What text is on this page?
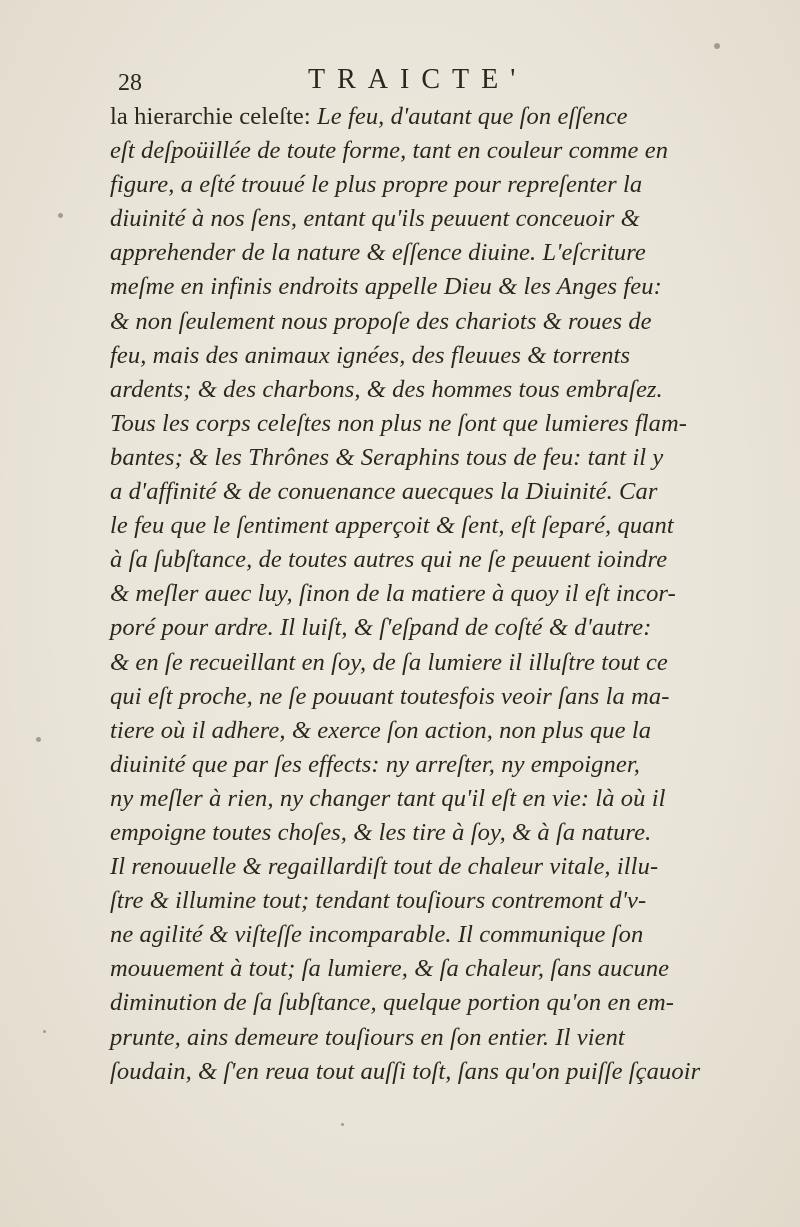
28	TRAICTE'
la hierarchie celeſte: Le feu, d'autant que ſon eſſence
eſt deſpoüillée de toute forme, tant en couleur comme en
figure, a eſté trouué le plus propre pour repreſenter la
diuinité à nos ſens, entant qu'ils peuuent conceuoir &
apprehender de la nature & eſſence diuine. L'eſcriture
meſme en infinis endroits appelle Dieu & les Anges feu:
& non ſeulement nous propoſe des chariots & roues de
feu, mais des animaux ignées, des fleuues & torrents
ardents; & des charbons, & des hommes tous embraſez.
Tous les corps celeſtes non plus ne ſont que lumieres flam-
bantes; & les Thrônes & Seraphins tous de feu: tant il y
a d'affinité & de conuenance auecques la Diuinité. Car
le feu que le ſentiment apperçoit & ſent, eſt ſeparé, quant
à ſa ſubſtance, de toutes autres qui ne ſe peuuent ioindre
& meſler auec luy, ſinon de la matiere à quoy il eſt incor-
poré pour ardre. Il luiſt, & ſ'eſpand de coſté & d'autre:
& en ſe recueillant en ſoy, de ſa lumiere il illuſtre tout ce
qui eſt proche, ne ſe pouuant toutesfois veoir ſans la ma-
tiere où il adhere, & exerce ſon action, non plus que la
diuinité que par ſes effects: ny arreſter, ny empoigner,
ny meſler à rien, ny changer tant qu'il eſt en vie: là où il
empoigne toutes choſes, & les tire à ſoy, & à ſa nature.
Il renouuelle & regaillardiſt tout de chaleur vitale, illu-
ſtre & illumine tout; tendant touſiours contremont d'v-
ne agilité & viſteſſe incomparable. Il communique ſon
mouuement à tout; ſa lumiere, & ſa chaleur, ſans aucune
diminution de ſa ſubſtance, quelque portion qu'on en em-
prunte, ains demeure touſiours en ſon entier. Il vient
ſoudain, & ſ'en reua tout auſſi toſt, ſans qu'on puiſſe ſçauoir
